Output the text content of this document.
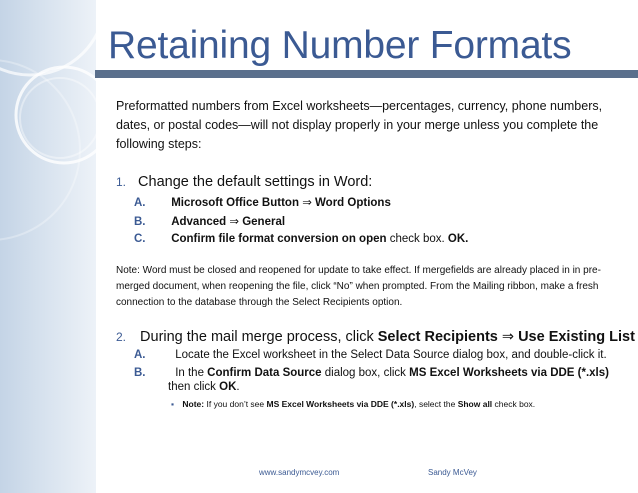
Retaining Number Formats
Preformatted numbers from Excel worksheets—percentages, currency, phone numbers, dates, or postal codes—will not display properly in your merge unless you complete the following steps:
1. Change the default settings in Word:
A. Microsoft Office Button ⇒ Word Options
B. Advanced ⇒ General
C. Confirm file format conversion on open check box. OK.
Note: Word must be closed and reopened for update to take effect. If mergefields are already placed in in pre-merged document, when reopening the file, click “No” when prompted. From the Mailing ribbon, make a fresh connection to the database through the Select Recipients option.
2. During the mail merge process, click Select Recipients ⇒ Use Existing List
A.	Locate the Excel worksheet in the Select Data Source dialog box, and double-click it.
B.	In the Confirm Data Source dialog box, click MS Excel Worksheets via DDE (*.xls)
then click OK.
▪ Note: If you don’t see MS Excel Worksheets via DDE (*.xls), select the Show all check box.
www.sandymcvey.com	Sandy McVey
